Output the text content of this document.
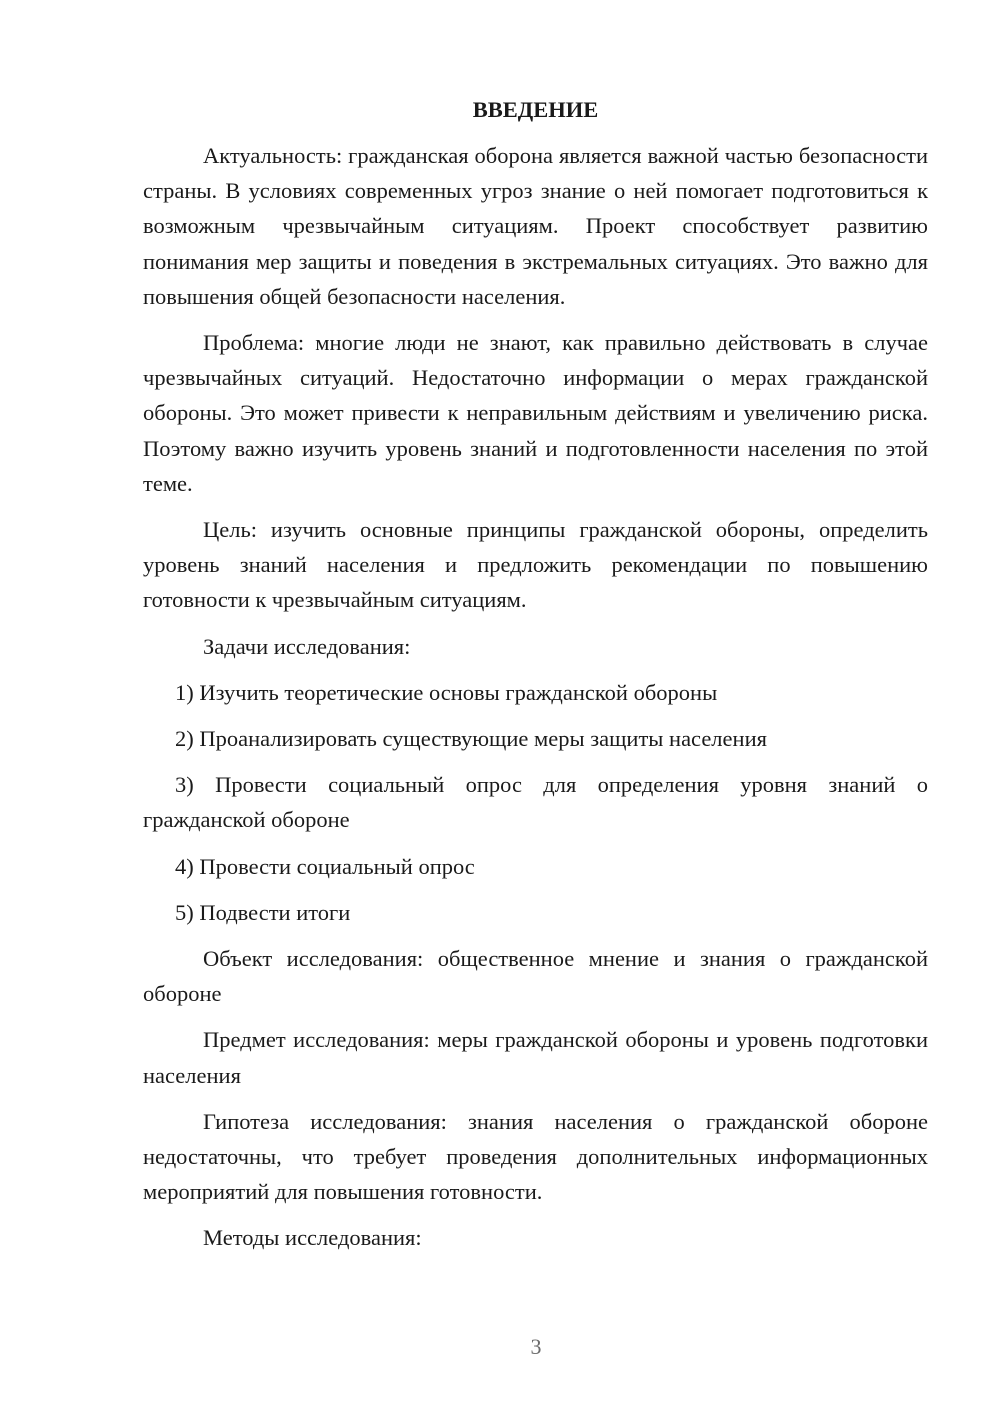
ВВЕДЕНИЕ

Актуальность: гражданская оборона является важной частью безопасности страны. В условиях современных угроз знание о ней помогает подготовиться к возможным чрезвычайным ситуациям. Проект способствует развитию понимания мер защиты и поведения в экстремальных ситуациях. Это важно для повышения общей безопасности населения.

Проблема: многие люди не знают, как правильно действовать в случае чрезвычайных ситуаций. Недостаточно информации о мерах гражданской обороны. Это может привести к неправильным действиям и увеличению риска. Поэтому важно изучить уровень знаний и подготовленности населения по этой теме.

Цель: изучить основные принципы гражданской обороны, определить уровень знаний населения и предложить рекомендации по повышению готовности к чрезвычайным ситуациям.

Задачи исследования:

1) Изучить теоретические основы гражданской обороны

2) Проанализировать существующие меры защиты населения

3) Провести социальный опрос для определения уровня знаний о гражданской обороне

4) Провести социальный опрос

5) Подвести итоги

Объект исследования: общественное мнение и знания о гражданской обороне

Предмет исследования: меры гражданской обороны и уровень подготовки населения

Гипотеза исследования: знания населения о гражданской обороне недостаточны, что требует проведения дополнительных информационных мероприятий для повышения готовности.

Методы исследования:

3
